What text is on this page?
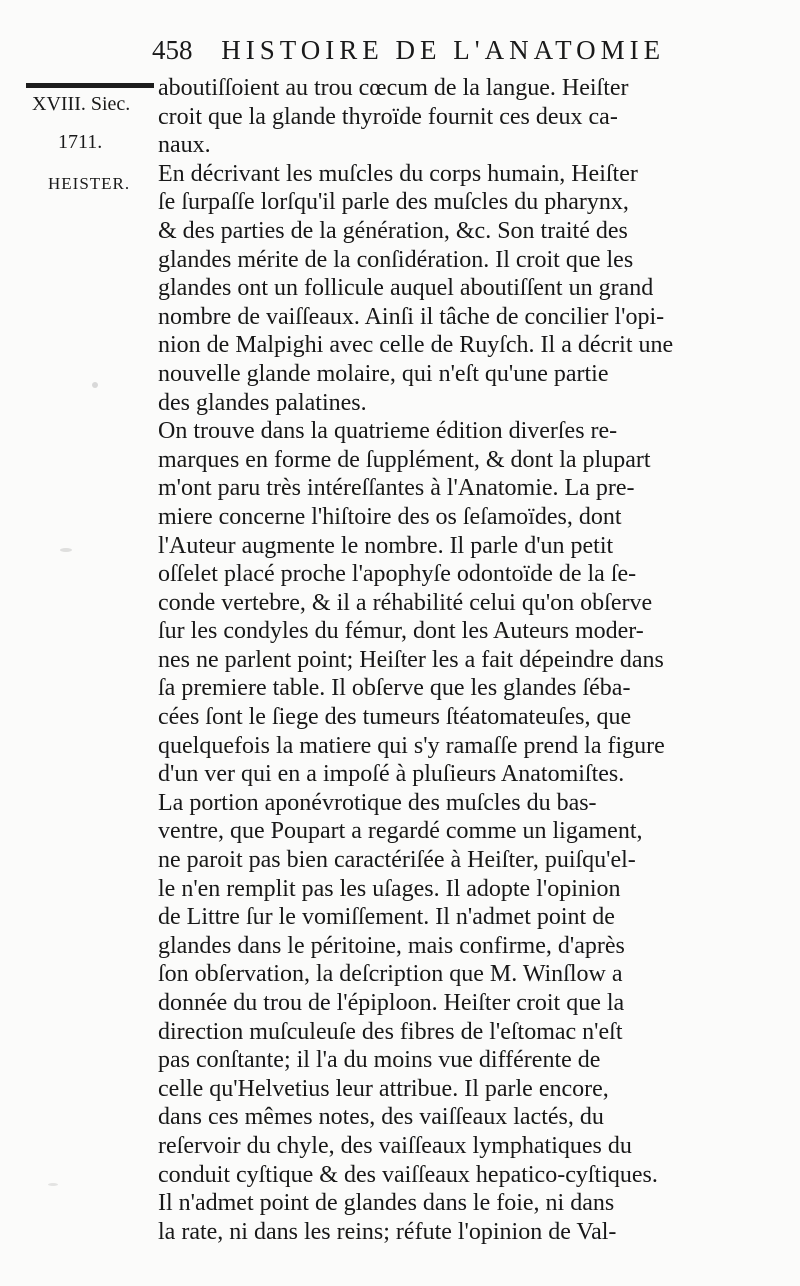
458 HISTOIRE DE L'ANATOMIE
XVIII. Siec.
1711.
HEISTER.
aboutiſſoient au trou cœcum de la langue. Heiſter
croit que la glande thyroïde fournit ces deux ca-
naux.
En décrivant les muſcles du corps humain, Heiſter
ſe ſurpaſſe lorſqu'il parle des muſcles du pharynx,
& des parties de la génération, &c. Son traité des
glandes mérite de la conſidération. Il croit que les
glandes ont un follicule auquel aboutiſſent un grand
nombre de vaiſſeaux. Ainſi il tâche de concilier l'opi-
nion de Malpighi avec celle de Ruyſch. Il a décrit une
nouvelle glande molaire, qui n'eſt qu'une partie
des glandes palatines.
On trouve dans la quatrieme édition diverſes re-
marques en forme de ſupplément, & dont la plupart
m'ont paru très intéreſſantes à l'Anatomie. La pre-
miere concerne l'hiſtoire des os ſeſamoïdes, dont
l'Auteur augmente le nombre. Il parle d'un petit
oſſelet placé proche l'apophyſe odontoïde de la ſe-
conde vertebre, & il a réhabilité celui qu'on obſerve
ſur les condyles du fémur, dont les Auteurs moder-
nes ne parlent point; Heiſter les a fait dépeindre dans
ſa premiere table. Il obſerve que les glandes ſéba-
cées ſont le ſiege des tumeurs ſtéatomateuſes, que
quelquefois la matiere qui s'y ramaſſe prend la figure
d'un ver qui en a impoſé à pluſieurs Anatomiſtes.
La portion aponévrotique des muſcles du bas-
ventre, que Poupart a regardé comme un ligament,
ne paroit pas bien caractériſée à Heiſter, puiſqu'el-
le n'en remplit pas les uſages. Il adopte l'opinion
de Littre ſur le vomiſſement. Il n'admet point de
glandes dans le péritoine, mais confirme, d'après
ſon obſervation, la deſcription que M. Winſlow a
donnée du trou de l'épiploon. Heiſter croit que la
direction muſculeuſe des fibres de l'eſtomac n'eſt
pas conſtante; il l'a du moins vue différente de
celle qu'Helvetius leur attribue. Il parle encore,
dans ces mêmes notes, des vaiſſeaux lactés, du
reſervoir du chyle, des vaiſſeaux lymphatiques du
conduit cyſtique & des vaiſſeaux hepatico-cyſtiques.
Il n'admet point de glandes dans le foie, ni dans
la rate, ni dans les reins; réfute l'opinion de Val-
